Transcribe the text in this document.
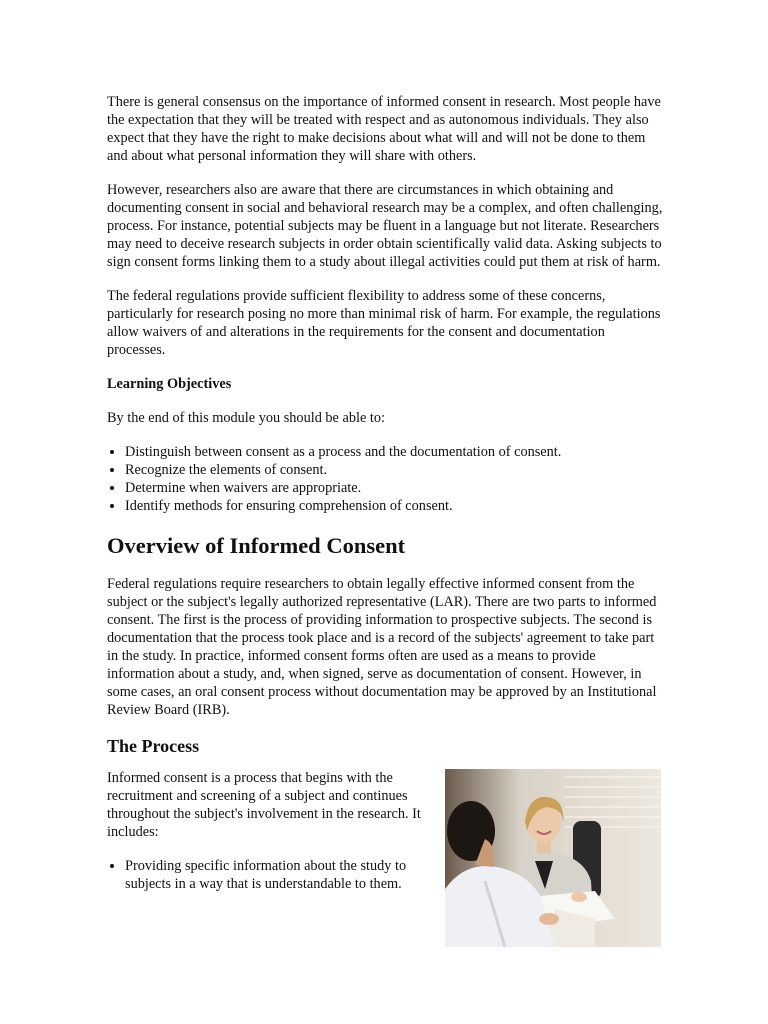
There is general consensus on the importance of informed consent in research. Most people have the expectation that they will be treated with respect and as autonomous individuals. They also expect that they have the right to make decisions about what will and will not be done to them and about what personal information they will share with others.

However, researchers also are aware that there are circumstances in which obtaining and documenting consent in social and behavioral research may be a complex, and often challenging, process. For instance, potential subjects may be fluent in a language but not literate. Researchers may need to deceive research subjects in order obtain scientifically valid data. Asking subjects to sign consent forms linking them to a study about illegal activities could put them at risk of harm.

The federal regulations provide sufficient flexibility to address some of these concerns, particularly for research posing no more than minimal risk of harm. For example, the regulations allow waivers of and alterations in the requirements for the consent and documentation processes.

Learning Objectives

By the end of this module you should be able to:

• Distinguish between consent as a process and the documentation of consent.
• Recognize the elements of consent.
• Determine when waivers are appropriate.
• Identify methods for ensuring comprehension of consent.
Overview of Informed Consent

Federal regulations require researchers to obtain legally effective informed consent from the subject or the subject's legally authorized representative (LAR). There are two parts to informed consent. The first is the process of providing information to prospective subjects. The second is documentation that the process took place and is a record of the subjects' agreement to take part in the study. In practice, informed consent forms often are used as a means to provide information about a study, and, when signed, serve as documentation of consent. However, in some cases, an oral consent process without documentation may be approved by an Institutional Review Board (IRB).

The Process

Informed consent is a process that begins with the recruitment and screening of a subject and continues throughout the subject's involvement in the research. It includes:

• Providing specific information about the study to subjects in a way that is understandable to them.
